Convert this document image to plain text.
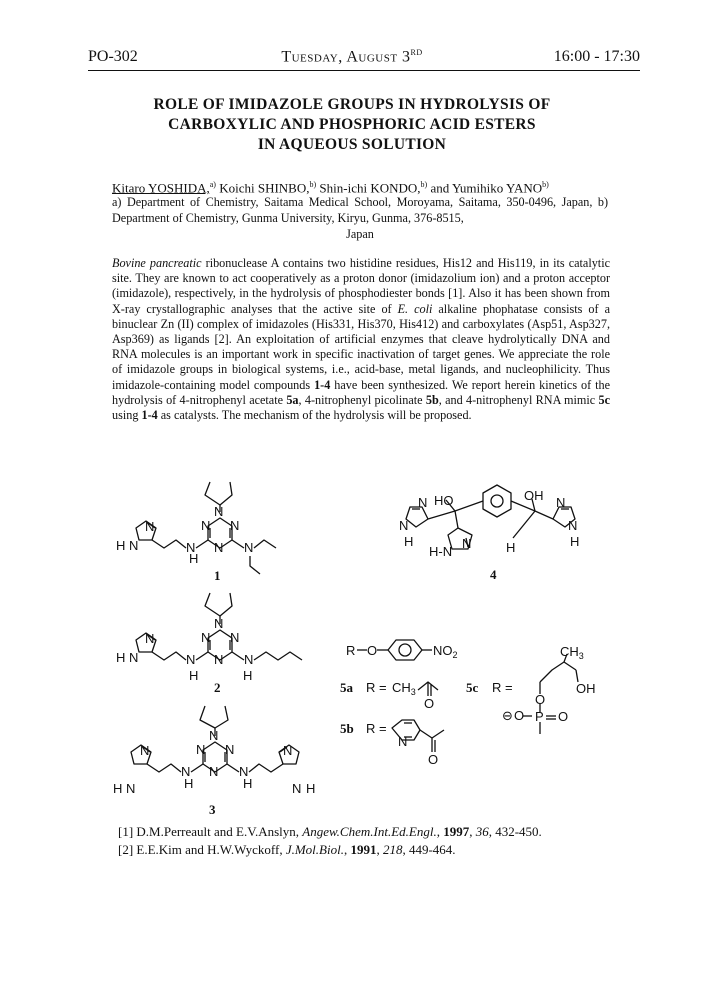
PO-302	Tuesday, August 3RD	16:00 - 17:30
ROLE OF IMIDAZOLE GROUPS IN HYDROLYSIS OF
CARBOXYLIC AND PHOSPHORIC ACID ESTERS
IN AQUEOUS SOLUTION
Kitaro YOSHIDA,$^{a)}$ Koichi SHINBO,$^{b)}$ Shin-ichi KONDO,$^{b)}$ and Yumihiko YANO$^{b)}$
a) Department of Chemistry, Saitama Medical School, Moroyama, Saitama, 350-0496, Japan, b) Department of Chemistry, Gunma University, Kiryu, Gunma, 376-8515,
Japan
Bovine pancreatic ribonuclease A contains two histidine residues, His12 and His119, in its catalytic site. They are known to act cooperatively as a proton donor (imidazolium ion) and a proton acceptor (imidazole), respectively, in the hydrolysis of phosphodiester bonds [1]. Also it has been shown from X-ray crystallographic analyses that the active site of E. coli alkaline phophatase consists of a binuclear Zn (II) complex of imidazoles (His331, His370, His412) and carboxylates (Asp51, Asp327, Asp369) as ligands [2]. An exploitation of artificial enzymes that cleave hydrolytically DNA and RNA molecules is an important work in specific inactivation of target genes. We appreciate the role of imidazole groups in biological systems, i.e., acid-base, metal ligands, and nucleophilicity. Thus imidazole-containing model compounds 1-4 have been synthesized. We report herein kinetics of the hydrolysis of 4-nitrophenyl acetate 5a, 4-nitrophenyl picolinate 5b, and 4-nitrophenyl RNA mimic 5c using 1-4 as catalysts. The mechanism of the hydrolysis will be proposed.
N
N N
N
N
H
N
N
H N
1
N
N N
N
N
H
N
H
N
H N
2
N
N N
N
N
H
N
H
N
H N
N
N H
3
N
N
H
HO
H-N
N
OH N
N
H
H
4
R O	$NO_2$
5a $R = CH_3$
O
5b R =
N
O
5c R =
$CH_3$
OH
O
⊖ O P O
[1] D.M.Perreault and E.V.Anslyn, Angew.Chem.Int.Ed.Engl., 1997, 36, 432-450.
[2] E.E.Kim and H.W.Wyckoff, J.Mol.Biol., 1991, 218, 449-464.
